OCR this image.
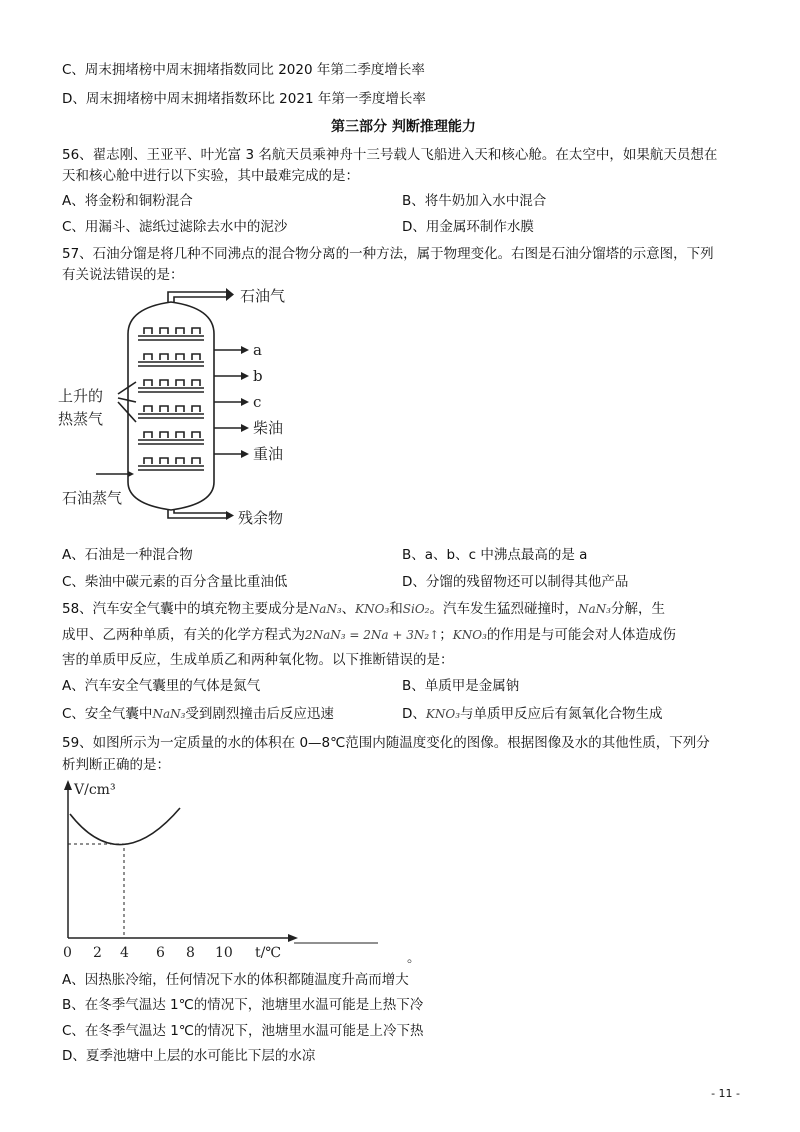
C、周末拥堵榜中周末拥堵指数同比 2020 年第二季度增长率
D、周末拥堵榜中周末拥堵指数环比 2021 年第一季度增长率
第三部分 判断推理能力
56、翟志刚、王亚平、叶光富 3 名航天员乘神舟十三号载人飞船进入天和核心舱。在太空中，如果航天员想在
天和核心舱中进行以下实验，其中最难完成的是：
A、将金粉和铜粉混合	B、将牛奶加入水中混合
C、用漏斗、滤纸过滤除去水中的泥沙	D、用金属环制作水膜
57、石油分馏是将几种不同沸点的混合物分离的一种方法，属于物理变化。右图是石油分馏塔的示意图，下列
有关说法错误的是：
石油气
a
b
c
柴油
重油
残余物
上升的
热蒸气
石油蒸气
A、石油是一种混合物	B、a、b、c 中沸点最高的是 a
C、柴油中碳元素的百分含量比重油低	D、分馏的残留物还可以制得其他产品
58、汽车安全气囊中的填充物主要成分是NaN₃、KNO₃和SiO₂。汽车发生猛烈碰撞时，NaN₃分解，生
成甲、乙两种单质，有关的化学方程式为2NaN₃ = 2Na + 3N₂↑；KNO₃的作用是与可能会对人体造成伤
害的单质甲反应，生成单质乙和两种氧化物。以下推断错误的是：
A、汽车安全气囊里的气体是氮气	B、单质甲是金属钠
C、安全气囊中NaN₃受到剧烈撞击后反应迅速	D、KNO₃与单质甲反应后有氮氧化合物生成
59、如图所示为一定质量的水的体积在 0—8℃范围内随温度变化的图像。根据图像及水的其他性质，下列分
析判断正确的是：
V/cm³
t/℃
0 2 4 6 8 10	。
A、因热胀冷缩，任何情况下水的体积都随温度升高而增大
B、在冬季气温达 1℃的情况下，池塘里水温可能是上热下冷
C、在冬季气温达 1℃的情况下，池塘里水温可能是上冷下热
D、夏季池塘中上层的水可能比下层的水凉
- 11 -
